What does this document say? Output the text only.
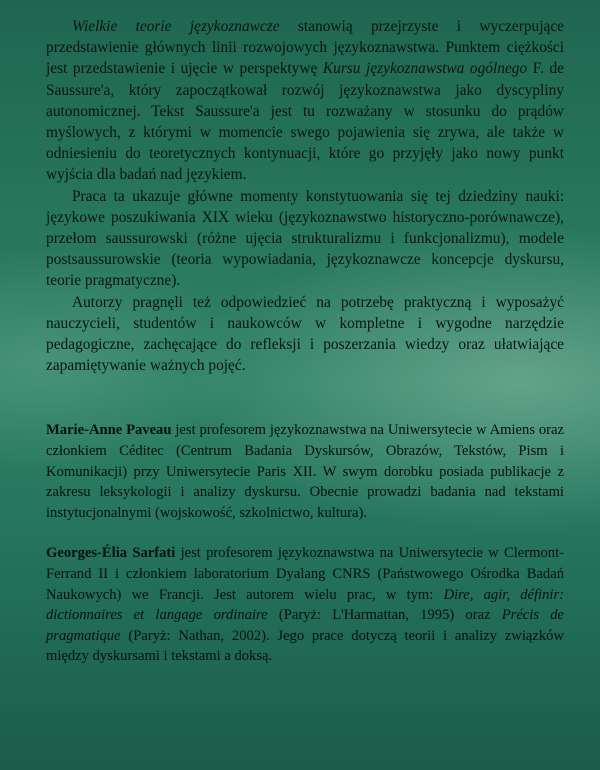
Wielkie teorie językoznawcze stanowią przejrzyste i wyczerpujące przedstawienie głównych linii rozwojowych językoznawstwa. Punktem ciężkości jest przedstawienie i ujęcie w perspektywę Kursu językoznawstwa ogólnego F. de Saussure'a, który zapoczątkował rozwój językoznawstwa jako dyscypliny autonomicznej. Tekst Saussure'a jest tu rozważany w stosunku do prądów myślowych, z którymi w momencie swego pojawienia się zrywa, ale także w odniesieniu do teoretycznych kontynuacji, które go przyjęły jako nowy punkt wyjścia dla badań nad językiem.

Praca ta ukazuje główne momenty konstytuowania się tej dziedziny nauki: językowe poszukiwania XIX wieku (językoznawstwo historyczno-porównawcze), przełom saussurowski (różne ujęcia strukturalizmu i funkcjonalizmu), modele postsaussurowskie (teoria wypowiadania, językoznawcze koncepcje dyskursu, teorie pragmatyczne).

Autorzy pragnęli też odpowiedzieć na potrzebę praktyczną i wyposażyć nauczycieli, studentów i naukowców w kompletne i wygodne narzędzie pedagogiczne, zachęcające do refleksji i poszerzania wiedzy oraz ułatwiające zapamiętywanie ważnych pojęć.

Marie-Anne Paveau jest profesorem językoznawstwa na Uniwersytecie w Amiens oraz członkiem Céditec (Centrum Badania Dyskursów, Obrazów, Tekstów, Pism i Komunikacji) przy Uniwersytecie Paris XII. W swym dorobku posiada publikacje z zakresu leksykologii i analizy dyskursu. Obecnie prowadzi badania nad tekstami instytucjonalnymi (wojskowość, szkolnictwo, kultura).

Georges-Élia Sarfati jest profesorem językoznawstwa na Uniwersytecie w Clermont-Ferrand II i członkiem laboratorium Dyalang CNRS (Państwowego Ośrodka Badań Naukowych) we Francji. Jest autorem wielu prac, w tym: Dire, agir, définir: dictionnaires et langage ordinaire (Paryż: L'Harmattan, 1995) oraz Précis de pragmatique (Paryż: Nathan, 2002). Jego prace dotyczą teorii i analizy związków między dyskursami i tekstami a doksą.
